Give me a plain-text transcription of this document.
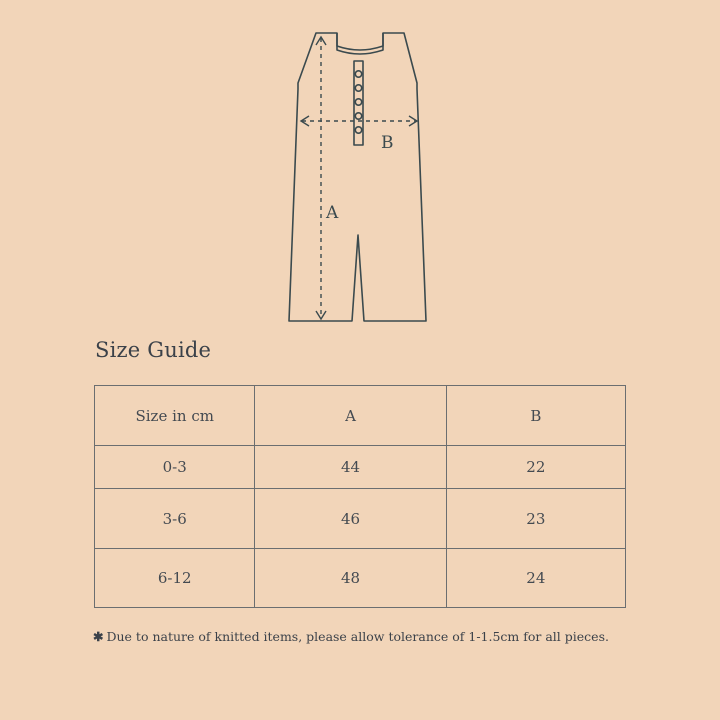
A
B
Size Guide
Size in cm	A	B
0-3	44	22
3-6	46	23
6-12	48	24
✱ Due to nature of knitted items, please allow tolerance of 1-1.5cm for all pieces.
